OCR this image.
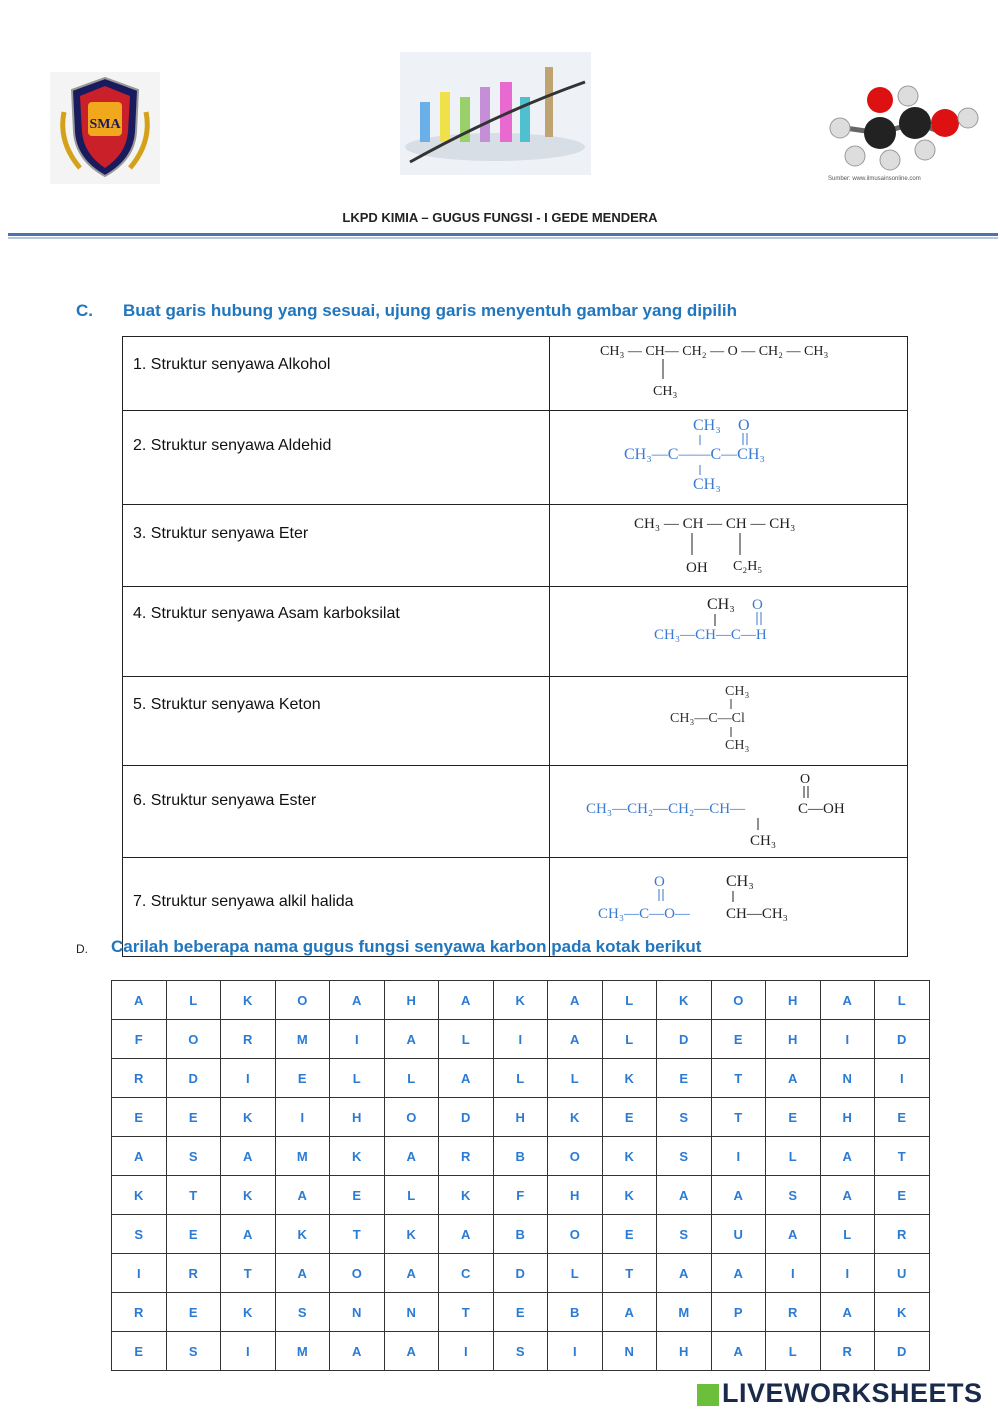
SMA
Sumber: www.ilmusainsonline.com
LKPD KIMIA – GUGUS FUNGSI - I GEDE MENDERA
C. Buat garis hubung yang sesuai, ujung garis menyentuh gambar yang dipilih
1. Struktur senyawa Alkohol	CH₃ — CH— CH₂ — O — CH₂ — CH₃
CH₃

2. Struktur senyawa Aldehid	CH₃ O
CH₃—C——C—CH₃
CH₃

3. Struktur senyawa Eter	CH₃ — CH — CH — CH₃
OH C₂H₅

4. Struktur senyawa Asam karboksilat	CH₃ O
CH₃—CH—C—H

5. Struktur senyawa Keton	CH₃
CH₃—C—Cl
CH₃

6. Struktur senyawa Ester	O
CH₃—CH₂—CH₂—CH— C—OH
CH₃

7. Struktur senyawa alkil halida	O CH₃
CH₃—C—O— CH—CH₃
D. Carilah beberapa nama gugus fungsi senyawa karbon pada kotak berikut
A	L	K	O	A	H	A	K	A	L	K	O	H	A	L
F	O	R	M	I	A	L	I	A	L	D	E	H	I	D
R	D	I	E	L	L	A	L	L	K	E	T	A	N	I
E	E	K	I	H	O	D	H	K	E	S	T	E	H	E
A	S	A	M	K	A	R	B	O	K	S	I	L	A	T
K	T	K	A	E	L	K	F	H	K	A	A	S	A	E
S	E	A	K	T	K	A	B	O	E	S	U	A	L	R
I	R	T	A	O	A	C	D	L	T	A	A	I	I	U
R	E	K	S	N	N	T	E	B	A	M	P	R	A	K
E	S	I	M	A	A	I	S	I	N	H	A	L	R	D
LIVEWORKSHEETS
